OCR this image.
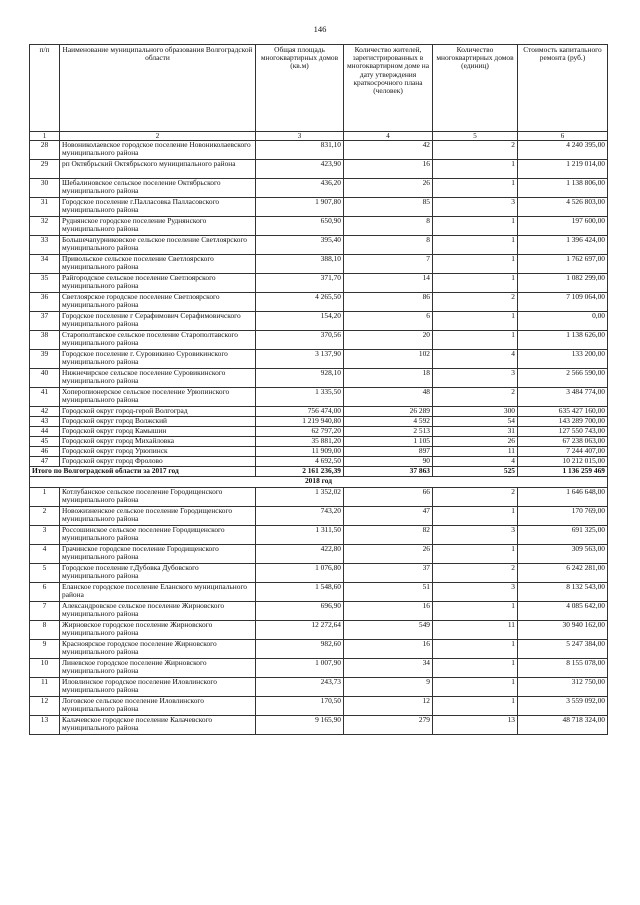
146
п/п	Наименование муниципального образования Волгоградской области	Общая площадь многоквартирных домов (кв.м)	Количество жителей, зарегистрированных в многоквартирном доме на дату утверждения краткосрочного плана (человек)	Количество многоквартирных домов (единиц)	Стоимость капитального ремонта (руб.)
1	2	3	4	5	6
28	Новониколаевское городское поселение Новониколаевского муниципального района	831,10	42	2	4 240 395,00
29	рп Октябрьский Октябрьского муниципального района	423,90	16	1	1 219 014,00
30	Шебалиновское сельское поселение Октябрьского муниципального района	436,20	26	1	1 138 806,00
31	Городское поселение г.Палласовка Палласовского муниципального района	1 907,80	85	3	4 526 803,00
32	Руднянское городское поселение Руднянского муниципального района	650,90	8	1	197 600,00
33	Большечапурниковское сельское поселение Светлоярского муниципального района	395,40	8	1	1 396 424,00
34	Привольское сельское поселение Светлоярского муниципального района	388,10	7	1	1 762 697,00
35	Райгородское сельское поселение Светлоярского муниципального района	371,70	14	1	1 082 299,00
36	Светлоярское городское поселение Светлоярского муниципального района	4 265,50	86	2	7 109 064,00
37	Городское поселение г Серафимович Серафимовичского муниципального района	154,20	6	1	0,00
38	Старополтавское сельское поселение Старополтавского муниципального района	370,56	20	1	1 138 626,00
39	Городское поселение г. Суровикино Суровикинского муниципального района	3 137,90	102	4	133 200,00
40	Нижнечирское сельское поселение Суровикинского муниципального района	928,10	18	3	2 566 590,00
41	Хоперопионерское сельское поселение Урюпинского муниципального района	1 335,50	48	2	3 484 774,00
42	Городской округ город-герой Волгоград	756 474,00	26 289	300	635 427 160,00
43	Городской округ город Волжский	1 219 940,80	4 592	54	143 289 700,00
44	Городской округ город Камышин	62 797,20	2 513	31	127 550 743,00
45	Городской округ город Михайловка	35 881,20	1 105	26	67 238 063,00
46	Городской округ город Урюпинск	11 909,00	897	11	7 244 407,00
47	Городской округ город Фролово	4 692,50	90	4	10 212 015,00
Итого по Волгоградской области за 2017 год		2 161 236,39	37 863	525	1 136 259 469
2018 год					
1	Котлубанское сельское поселение Городищенского муниципального района	1 352,02	66	2	1 646 648,00
2	Новожизненское сельское поселение Городищенского муниципального района	743,20	47	1	170 769,00
3	Россошинское сельское поселение Городищенского муниципального района	1 311,50	82	3	691 325,00
4	Грачинское городское поселение Городищенского муниципального района	422,80	26	1	309 563,00
5	Городское поселение г.Дубовка Дубовского муниципального района	1 076,80	37	2	6 242 281,00
6	Еланское городское поселение Еланского муниципального района	1 548,60	51	3	8 132 543,00
7	Александровское сельское поселение Жирновского муниципального района	696,90	16	1	4 085 642,00
8	Жирновское городское поселение Жирновского муниципального района	12 272,64	549	11	30 940 162,00
9	Красноярское городское поселение Жирновского муниципального района	982,60	16	1	5 247 384,00
10	Линевское городское поселение Жирновского муниципального района	1 007,90	34	1	8 155 078,00
11	Иловлинское городское поселение Иловлинского муниципального района	243,73	9	1	312 750,00
12	Логовское сельское поселение Иловлинского муниципального района	170,50	12	1	3 559 092,00
13	Калачевское городское поселение Калачевского муниципального района	9 165,90	279	13	48 718 324,00
